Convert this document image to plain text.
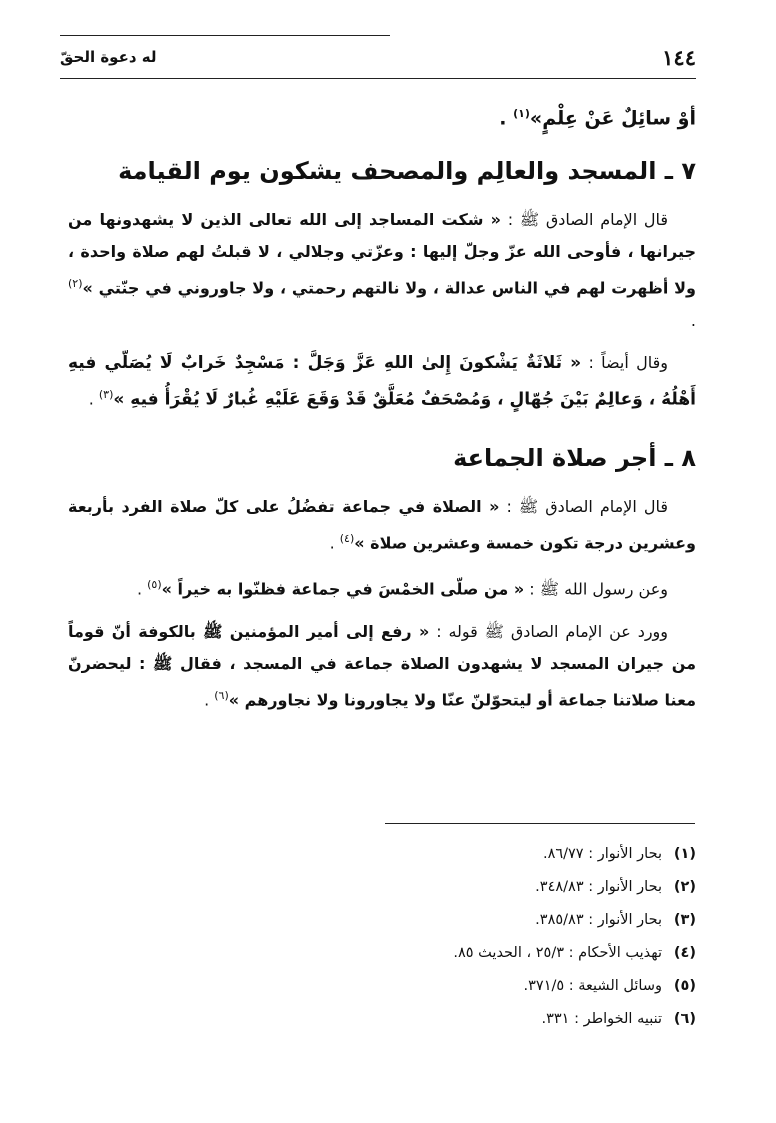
١٤٤
له دعوة الحقّ

أوْ سائِلٌ عَنْ عِلْمٍ»$^{(١)}$ .

٧ ـ المسجد والعالِم والمصحف يشكون يوم القيامة

قال الإمام الصادق ﷺ : « شكت المساجد إلى الله تعالى الذين لا يشهدونها من جيرانها ، فأوحى الله عزّ وجلّ إليها : وعزّتي وجلالي ، لا قبلتُ لهم صلاة واحدة ، ولا أظهرت لهم في الناس عدالة ، ولا نالتهم رحمتي ، ولا جاوروني في جنّتي »$^{(٢)}$ .

وقال أيضاً : « ثَلاثَةٌ يَشْكونَ إِلىٰ اللهِ عَزَّ وَجَلَّ : مَسْجِدٌ خَرابٌ لَا يُصَلّي فيهِ أَهْلُهُ ، وَعالِمٌ بَيْنَ جُهّالٍ ، وَمُصْحَفٌ مُعَلَّقٌ قَدْ وَقَعَ عَلَيْهِ غُبارٌ لَا يُقْرَأُ فيهِ »$^{(٣)}$ .

٨ ـ أجر صلاة الجماعة

قال الإمام الصادق ﷺ : « الصلاة في جماعة تفضُلُ على كلّ صلاة الفرد بأربعة وعشرين درجة تكون خمسة وعشرين صلاة »$^{(٤)}$ .

وعن رسول الله ﷺ : « من صلّى الخمْسَ في جماعة فظنّوا به خيراً »$^{(٥)}$ .

وورد عن الإمام الصادق ﷺ قوله : « رفع إلى أمير المؤمنين ﷺ بالكوفة أنّ قوماً من جيران المسجد لا يشهدون الصلاة جماعة في المسجد ، فقال ﷺ : ليحضرنّ معنا صلاتنا جماعة أو ليتحوّلنّ عنّا ولا يجاورونا ولا نجاورهم »$^{(٦)}$ .

(١)
بحار الأنوار : ٨٦/٧٧.
(٢)
بحار الأنوار : ٣٤٨/٨٣.
(٣)
بحار الأنوار : ٣٨٥/٨٣.
(٤)
تهذيب الأحكام : ٢٥/٣ ، الحديث ٨٥.
(٥)
وسائل الشيعة : ٣٧١/٥.
(٦)
تنبيه الخواطر : ٣٣١.
